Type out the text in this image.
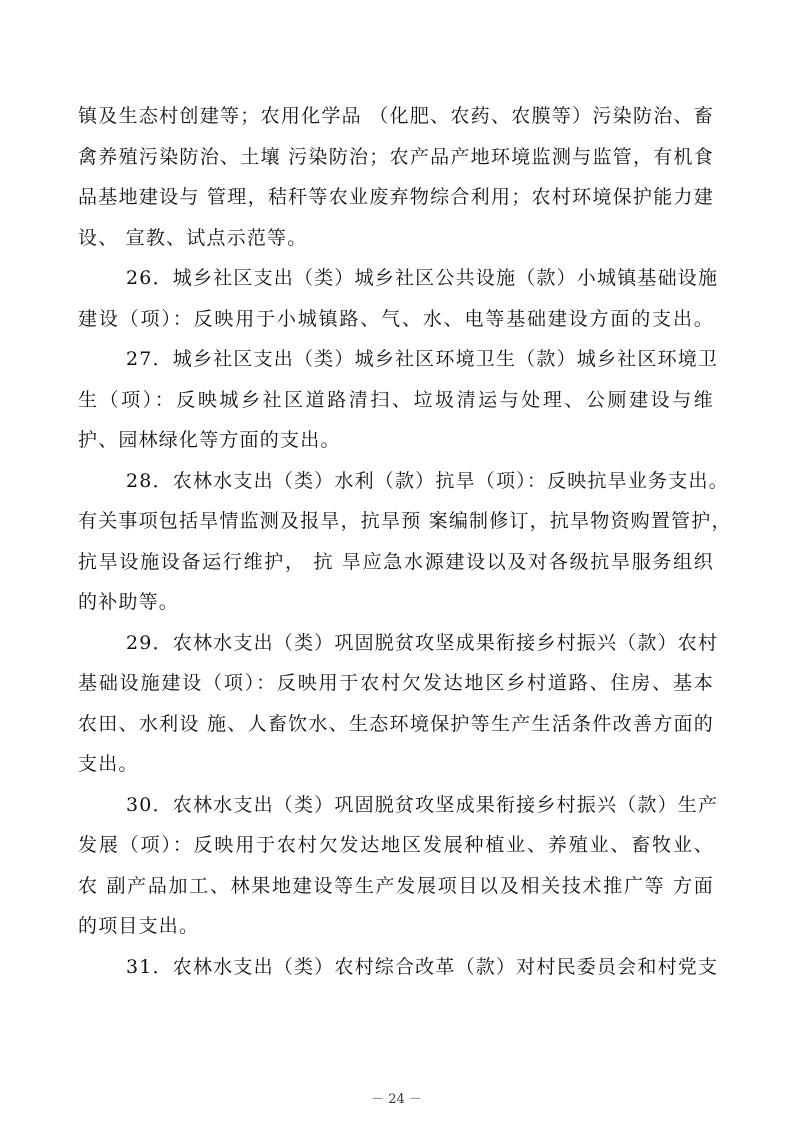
镇及生态村创建等；农用化学品 （化肥、农药、农膜等）污染防治、畜
禽养殖污染防治、土壤 污染防治；农产品产地环境监测与监管，有机食
品基地建设与 管理，秸秆等农业废弃物综合利用；农村环境保护能力建
设、 宣教、试点示范等。
26．城乡社区支出（类）城乡社区公共设施（款）小城镇基础设施
建设（项）：反映用于小城镇路、气、水、电等基础建设方面的支出。
27．城乡社区支出（类）城乡社区环境卫生（款）城乡社区环境卫
生（项）：反映城乡社区道路清扫、垃圾清运与处理、公厕建设与维
护、园林绿化等方面的支出。
28．农林水支出（类）水利（款）抗旱（项）：反映抗旱业务支出。
有关事项包括旱情监测及报旱，抗旱预 案编制修订，抗旱物资购置管护，
抗旱设施设备运行维护， 抗 旱应急水源建设以及对各级抗旱服务组织
的补助等。
29．农林水支出（类）巩固脱贫攻坚成果衔接乡村振兴（款）农村
基础设施建设（项）：反映用于农村欠发达地区乡村道路、住房、基本
农田、水利设 施、人畜饮水、生态环境保护等生产生活条件改善方面的
支出。
30．农林水支出（类）巩固脱贫攻坚成果衔接乡村振兴（款）生产
发展（项）：反映用于农村欠发达地区发展种植业、养殖业、畜牧业、
农 副产品加工、林果地建设等生产发展项目以及相关技术推广等 方面
的项目支出。
31．农林水支出（类）农村综合改革（款）对村民委员会和村党支
－ 24 －
